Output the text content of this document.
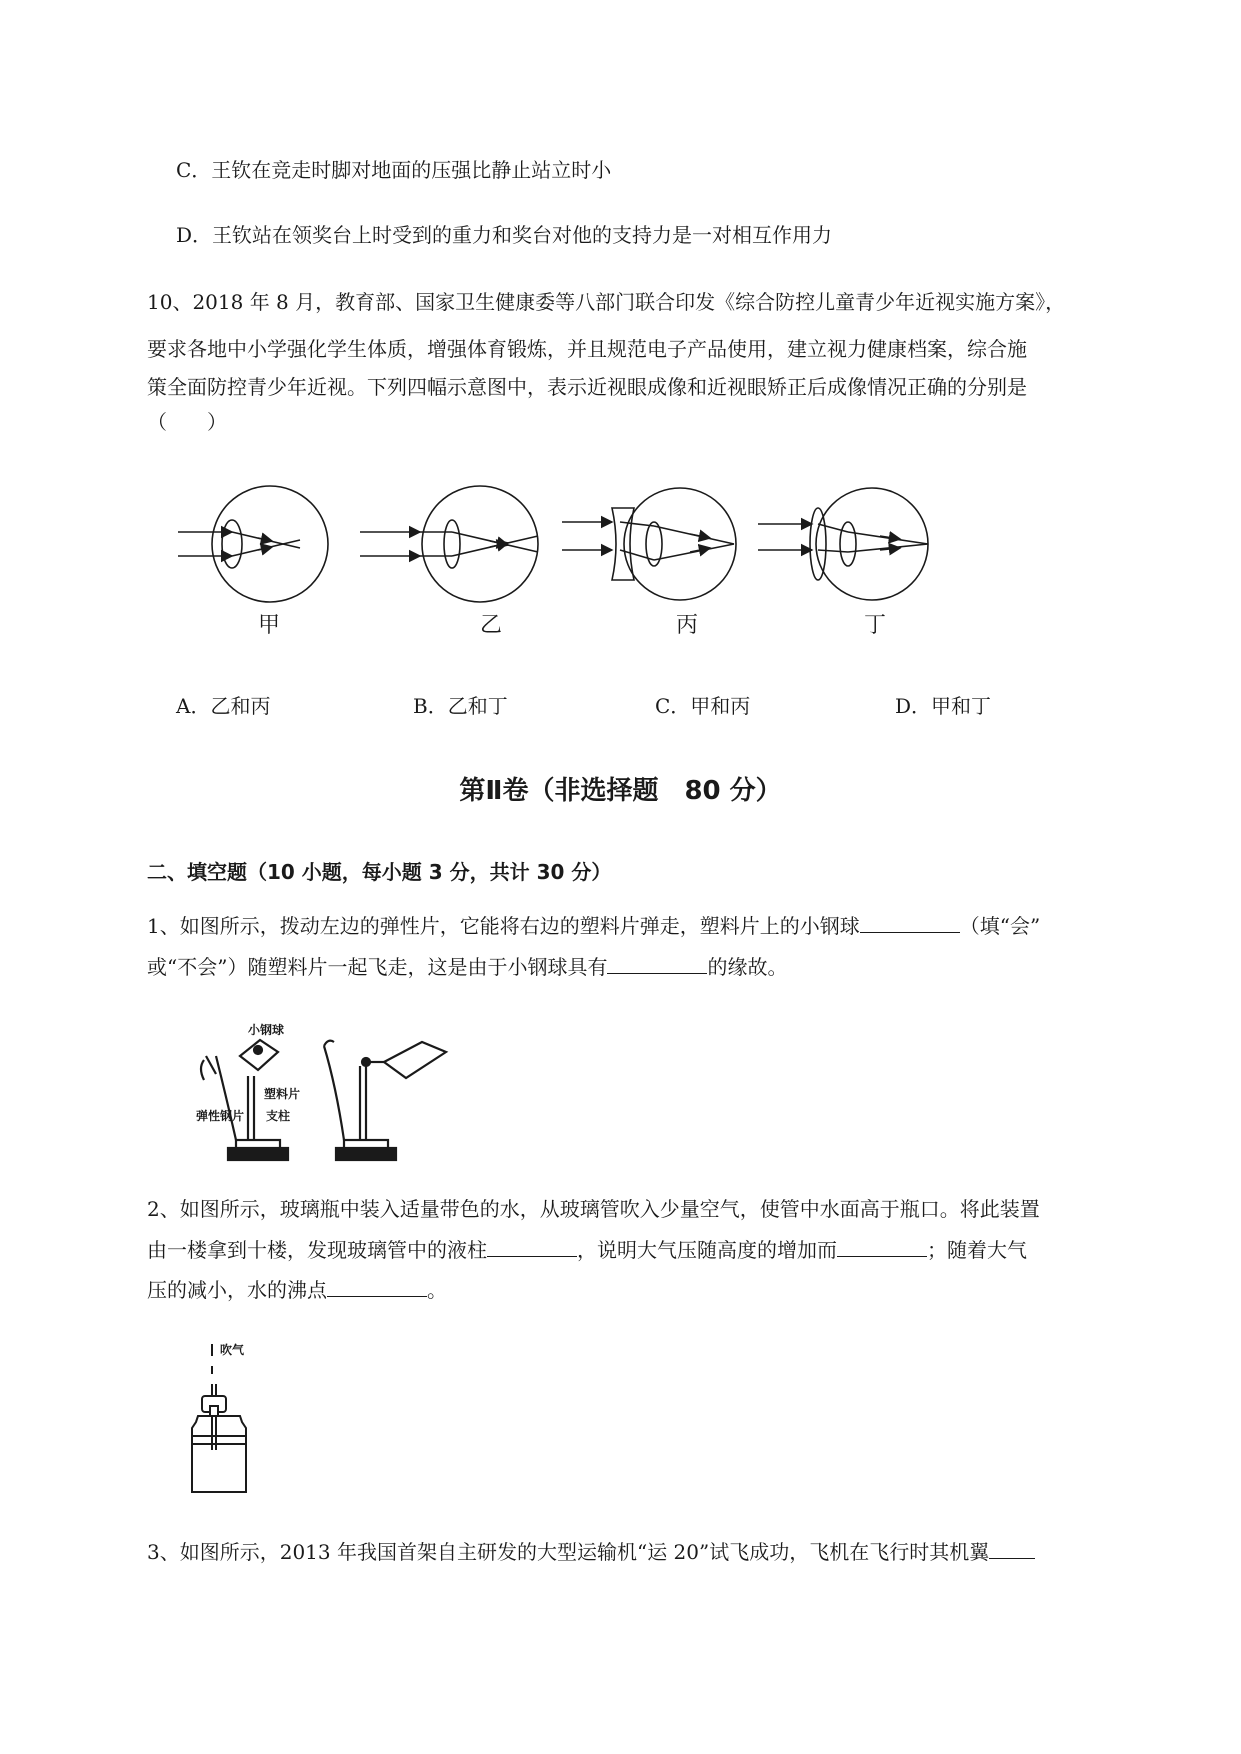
C．王钦在竞走时脚对地面的压强比静止站立时小
D．王钦站在领奖台上时受到的重力和奖台对他的支持力是一对相互作用力
10、2018 年 8 月，教育部、国家卫生健康委等八部门联合印发《综合防控儿童青少年近视实施方案》，
要求各地中小学强化学生体质，增强体育锻炼，并且规范电子产品使用，建立视力健康档案，综合施
策全面防控青少年近视。下列四幅示意图中，表示近视眼成像和近视眼矫正后成像情况正确的分别是
（　　）
甲	乙	丙	丁
A．乙和丙	B．乙和丁	C．甲和丙	D．甲和丁
第Ⅱ卷（非选择题　80 分）
二、填空题（10 小题，每小题 3 分，共计 30 分）
1、如图所示，拨动左边的弹性片，它能将右边的塑料片弹走，塑料片上的小钢球	（填“会”
或“不会”）随塑料片一起飞走，这是由于小钢球具有	的缘故。
小钢球
塑料片
支柱
弹性钢片
2、如图所示，玻璃瓶中装入适量带色的水，从玻璃管吹入少量空气，使管中水面高于瓶口。将此装置
由一楼拿到十楼，发现玻璃管中的液柱	，说明大气压随高度的增加而	；随着大气
压的减小，水的沸点	。
吹气
3、如图所示，2013 年我国首架自主研发的大型运输机“运 20”试飞成功，飞机在飞行时其机翼
